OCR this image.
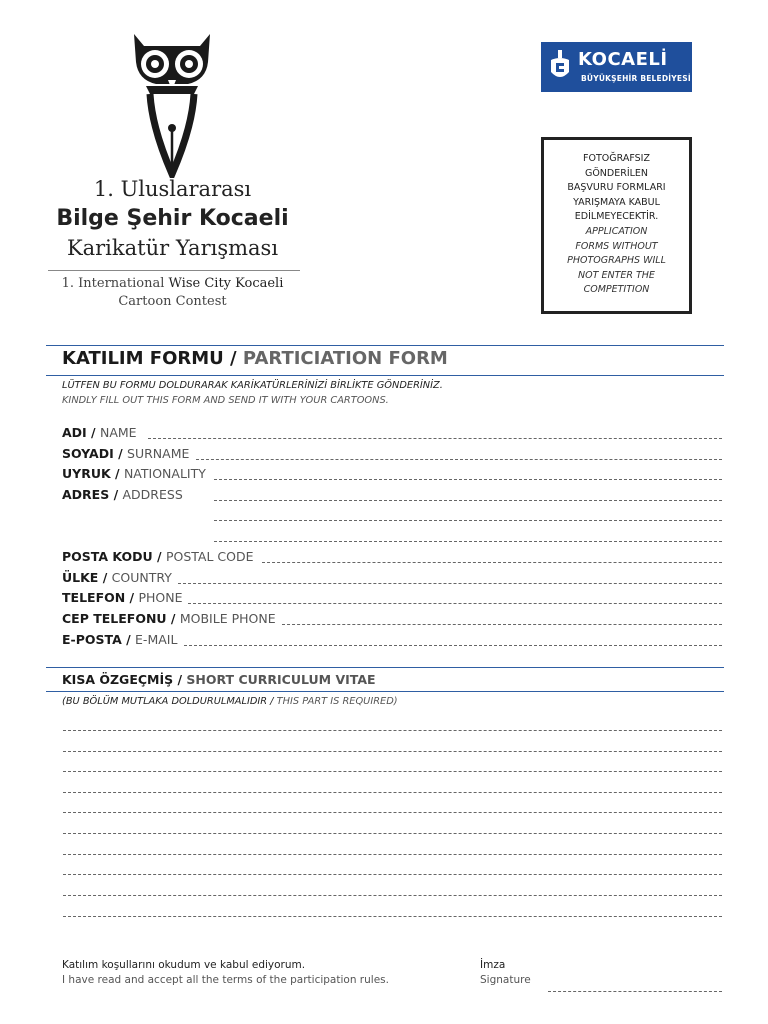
1. Uluslararası
Bilge Şehir Kocaeli
Karikatür Yarışması
1. International Wise City Kocaeli
Cartoon Contest
KOCAELİ
BÜYÜKŞEHİR BELEDİYESİ
FOTOĞRAFSIZ
GÖNDERİLEN
BAŞVURU FORMLARI
YARIŞMAYA KABUL
EDİLMEYECEKTİR.
APPLICATION
FORMS WITHOUT
PHOTOGRAPHS WILL
NOT ENTER THE
COMPETITION
KATILIM FORMU / PARTICIATION FORM
LÜTFEN BU FORMU DOLDURARAK KARİKATÜRLERİNİZİ BİRLİKTE GÖNDERİNİZ.
KINDLY FILL OUT THIS FORM AND SEND IT WITH YOUR CARTOONS.
ADI / NAME
SOYADI / SURNAME
UYRUK / NATIONALITY
ADRES / ADDRESS
POSTA KODU / POSTAL CODE
ÜLKE / COUNTRY
TELEFON / PHONE
CEP TELEFONU / MOBILE PHONE
E-POSTA / E-MAIL
KISA ÖZGEÇMİŞ / SHORT CURRICULUM VITAE
(BU BÖLÜM MUTLAKA DOLDURULMALIDIR / THIS PART IS REQUIRED)
Katılım koşullarını okudum ve kabul ediyorum.
I have read and accept all the terms of the participation rules.
İmza
Signature
